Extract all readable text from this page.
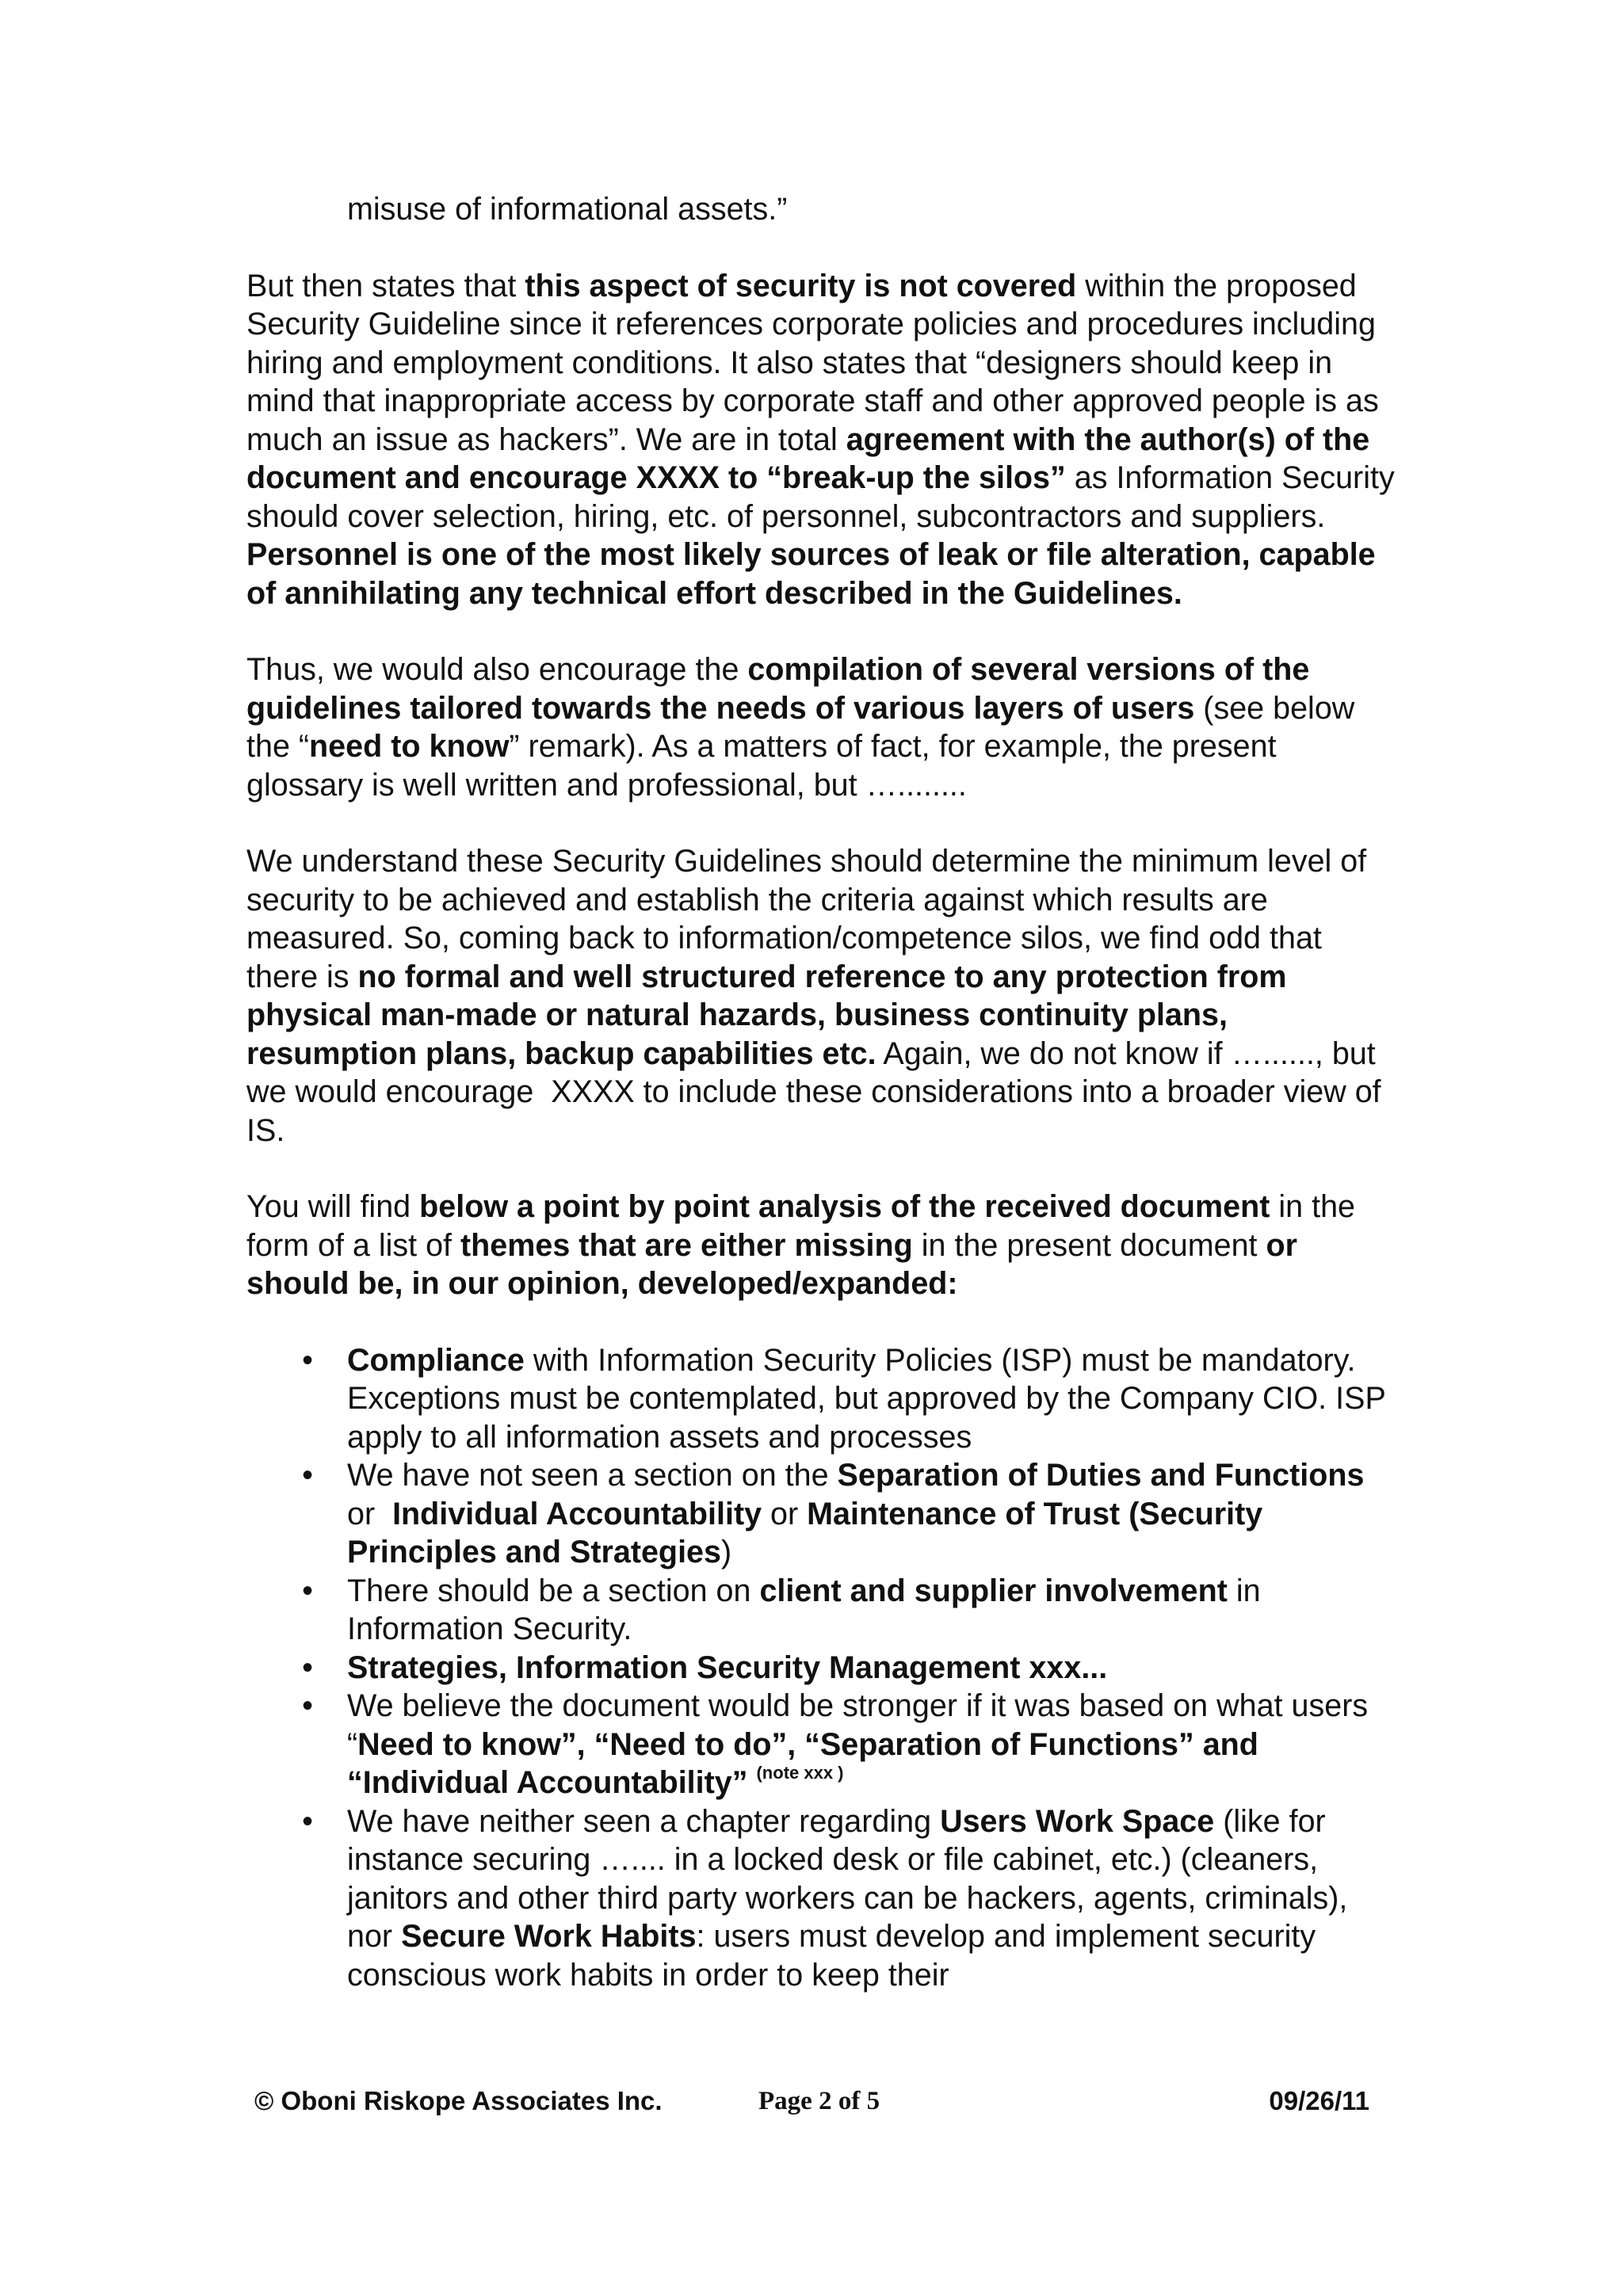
misuse of informational assets.”

But then states that this aspect of security is not covered within the proposed Security Guideline since it references corporate policies and procedures including hiring and employment conditions. It also states that “designers should keep in mind that inappropriate access by corporate staff and other approved people is as much an issue as hackers”. We are in total agreement with the author(s) of the document and encourage XXXX to “break-up the silos” as Information Security should cover selection, hiring, etc. of personnel, subcontractors and suppliers. Personnel is one of the most likely sources of leak or file alteration, capable of annihilating any technical effort described in the Guidelines.

Thus, we would also encourage the compilation of several versions of the guidelines tailored towards the needs of various layers of users (see below the “need to know” remark). As a matters of fact, for example, the present glossary is well written and professional, but …........

We understand these Security Guidelines should determine the minimum level of security to be achieved and establish the criteria against which results are measured. So, coming back to information/competence silos, we find odd that there is no formal and well structured reference to any protection from physical man-made or natural hazards, business continuity plans, resumption plans, backup capabilities etc. Again, we do not know if …......, but we would encourage  XXXX to include these considerations into a broader view of IS.

You will find below a point by point analysis of the received document in the form of a list of themes that are either missing in the present document or should be, in our opinion, developed/expanded:

•	Compliance with Information Security Policies (ISP) must be mandatory. Exceptions must be contemplated, but approved by the Company CIO. ISP apply to all information assets and processes
•	We have not seen a section on the Separation of Duties and Functions or  Individual Accountability or Maintenance of Trust (Security Principles and Strategies)
•	There should be a section on client and supplier involvement in Information Security.
•	Strategies, Information Security Management xxx...
•	We believe the document would be stronger if it was based on what users “Need to know”, “Need to do”, “Separation of Functions” and “Individual Accountability” $^{(note xxx )}$
•	We have neither seen a chapter regarding Users Work Space (like for instance securing ….... in a locked desk or file cabinet, etc.) (cleaners, janitors and other third party workers can be hackers, agents, criminals), nor Secure Work Habits: users must develop and implement security conscious work habits in order to keep their
© Oboni Riskope Associates Inc.	Page 2 of 5	09/26/11
